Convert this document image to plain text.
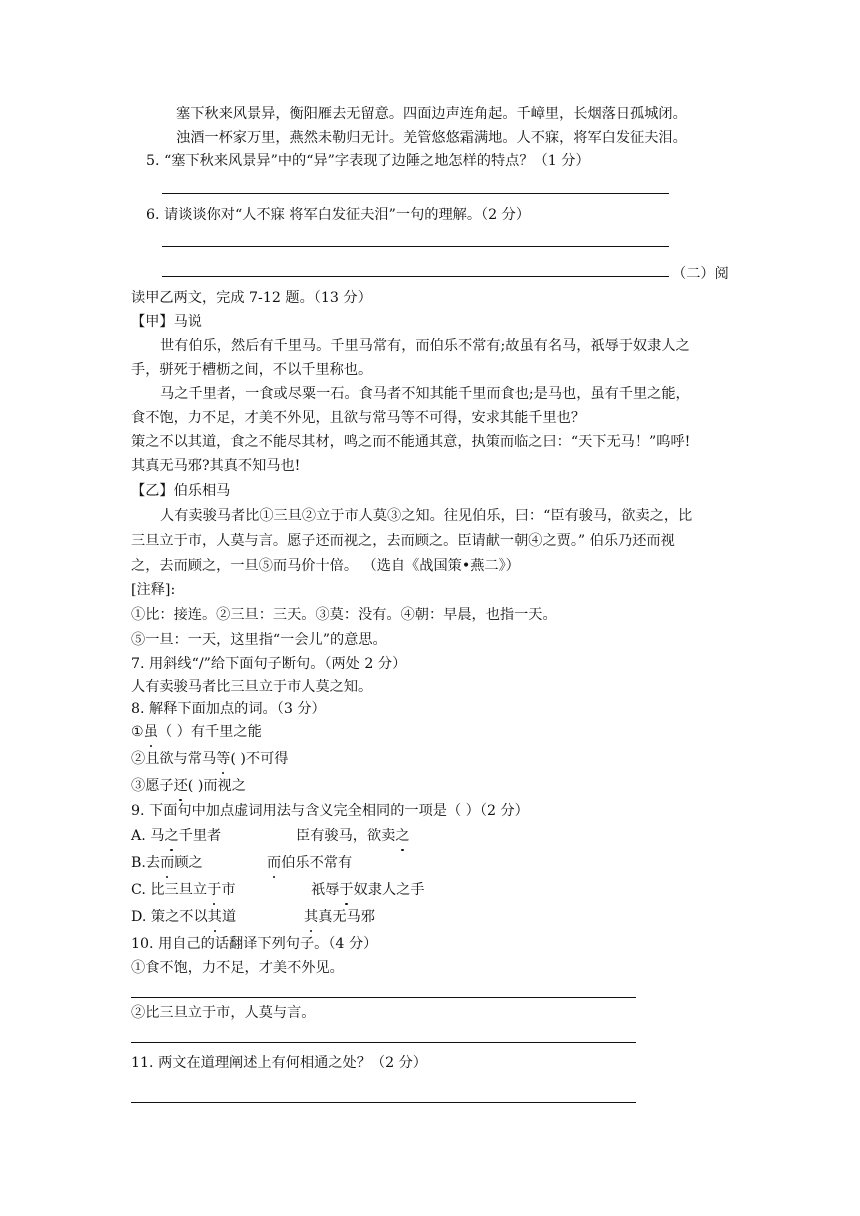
塞下秋来风景异，衡阳雁去无留意。四面边声连角起。千嶂里，长烟落日孤城闭。
浊酒一杯家万里，燕然未勒归无计。羌管悠悠霜满地。人不寐，将军白发征夫泪。
5. “塞下秋来风景异”中的“异”字表现了边陲之地怎样的特点？（1 分）
6. 请谈谈你对“人不寐 将军白发征夫泪”一句的理解。（2 分）
（二）阅
读甲乙两文，完成 7-12 题。（13 分）
【甲】马说
世有伯乐，然后有千里马。千里马常有，而伯乐不常有;故虽有名马，祇辱于奴隶人之
手，骈死于槽枥之间，不以千里称也。
马之千里者，一食或尽粟一石。食马者不知其能千里而食也;是马也，虽有千里之能，
食不饱，力不足，才美不外见，且欲与常马等不可得，安求其能千里也？
策之不以其道，食之不能尽其材，鸣之而不能通其意，执策而临之曰：“天下无马！”呜呼!
其真无马邪?其真不知马也!
【乙】伯乐相马
人有卖骏马者比①三旦②立于市人莫③之知。往见伯乐，曰：“臣有骏马，欲卖之，比
三旦立于市，人莫与言。愿子还而视之，去而顾之。臣请献一朝④之贾。” 伯乐乃还而视
之，去而顾之，一旦⑤而马价十倍。 （选自《战国策•燕二》）
[注释]:
①比：接连。②三旦：三天。③莫：没有。④朝：早晨，也指一天。
⑤一旦：一天，这里指“一会儿”的意思。
7. 用斜线“/”给下面句子断句。（两处 2 分）
人有卖骏马者比三旦立于市人莫之知。
8. 解释下面加点的词。（3 分）
①虽（ ）有千里之能
②且欲与常马等( )不可得
③愿子还( )而视之
9. 下面句中加点虚词用法与含义完全相同的一项是（ ）（2 分）
A. 马之千里者	臣有骏马，欲卖之
B.去而顾之	而伯乐不常有
C. 比三旦立于市	祇辱于奴隶人之手
D. 策之不以其道	其真无马邪
10. 用自己的话翻译下列句子。（4 分）
①食不饱，力不足，才美不外见。
②比三旦立于市，人莫与言。
11. 两文在道理阐述上有何相通之处？（2 分）
